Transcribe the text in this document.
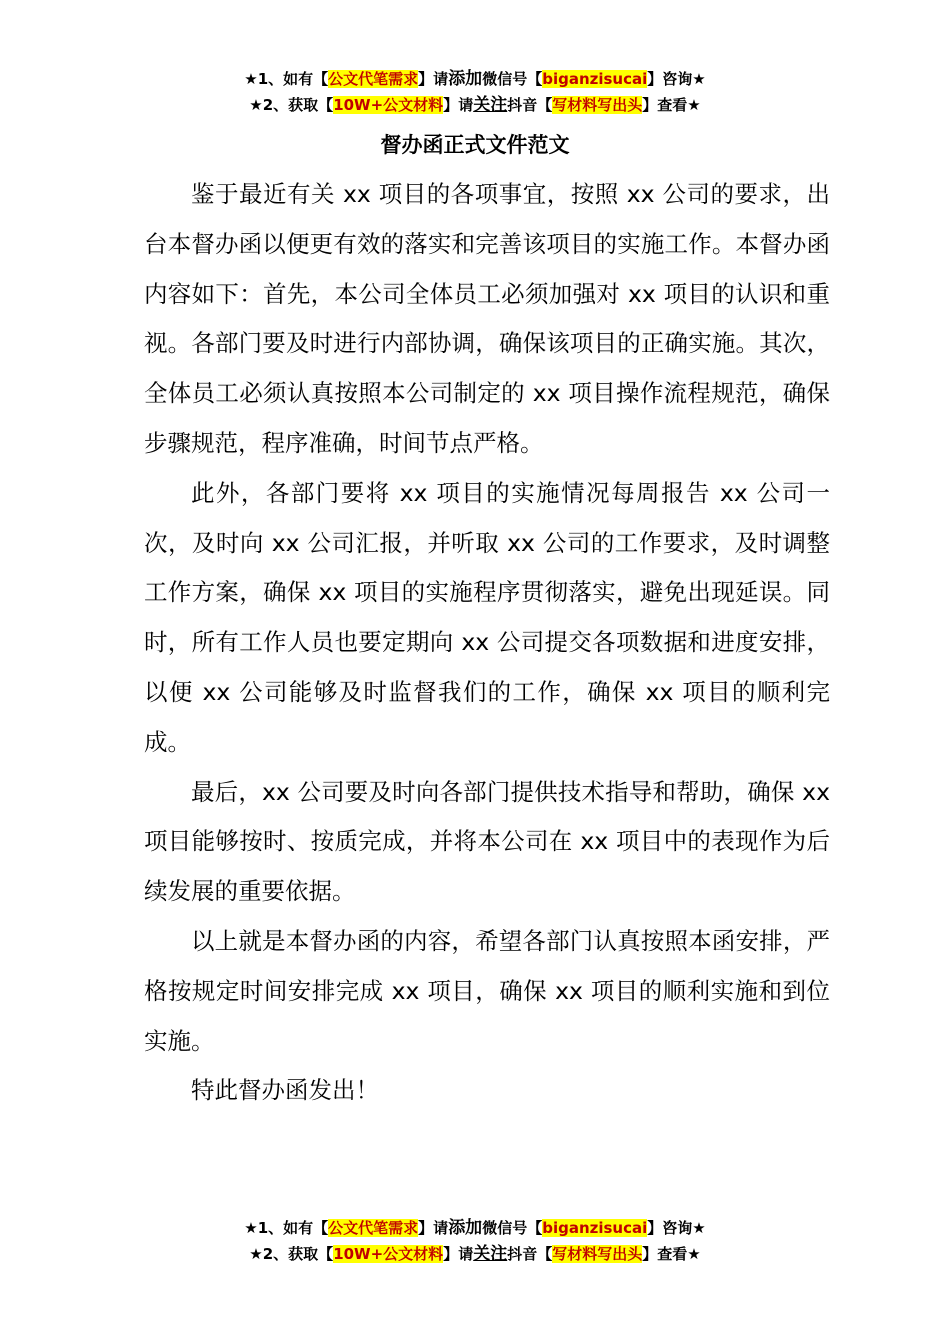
★1、如有【公文代笔需求】请添加微信号【biganzisucai】咨询★
★2、获取【10W+公文材料】请关注抖音【写材料写出头】查看★
督办函正式文件范文

鉴于最近有关 xx 项目的各项事宜，按照 xx 公司的要求，出台本督办函以便更有效的落实和完善该项目的实施工作。本督办函内容如下：首先，本公司全体员工必须加强对 xx 项目的认识和重视。各部门要及时进行内部协调，确保该项目的正确实施。其次，全体员工必须认真按照本公司制定的 xx 项目操作流程规范，确保步骤规范，程序准确，时间节点严格。

此外，各部门要将 xx 项目的实施情况每周报告 xx 公司一次，及时向 xx 公司汇报，并听取 xx 公司的工作要求，及时调整工作方案，确保 xx 项目的实施程序贯彻落实，避免出现延误。同时，所有工作人员也要定期向 xx 公司提交各项数据和进度安排，以便 xx 公司能够及时监督我们的工作，确保 xx 项目的顺利完成。

最后，xx 公司要及时向各部门提供技术指导和帮助，确保 xx 项目能够按时、按质完成，并将本公司在 xx 项目中的表现作为后续发展的重要依据。

以上就是本督办函的内容，希望各部门认真按照本函安排，严格按规定时间安排完成 xx 项目，确保 xx 项目的顺利实施和到位实施。

特此督办函发出！

★1、如有【公文代笔需求】请添加微信号【biganzisucai】咨询★
★2、获取【10W+公文材料】请关注抖音【写材料写出头】查看★
